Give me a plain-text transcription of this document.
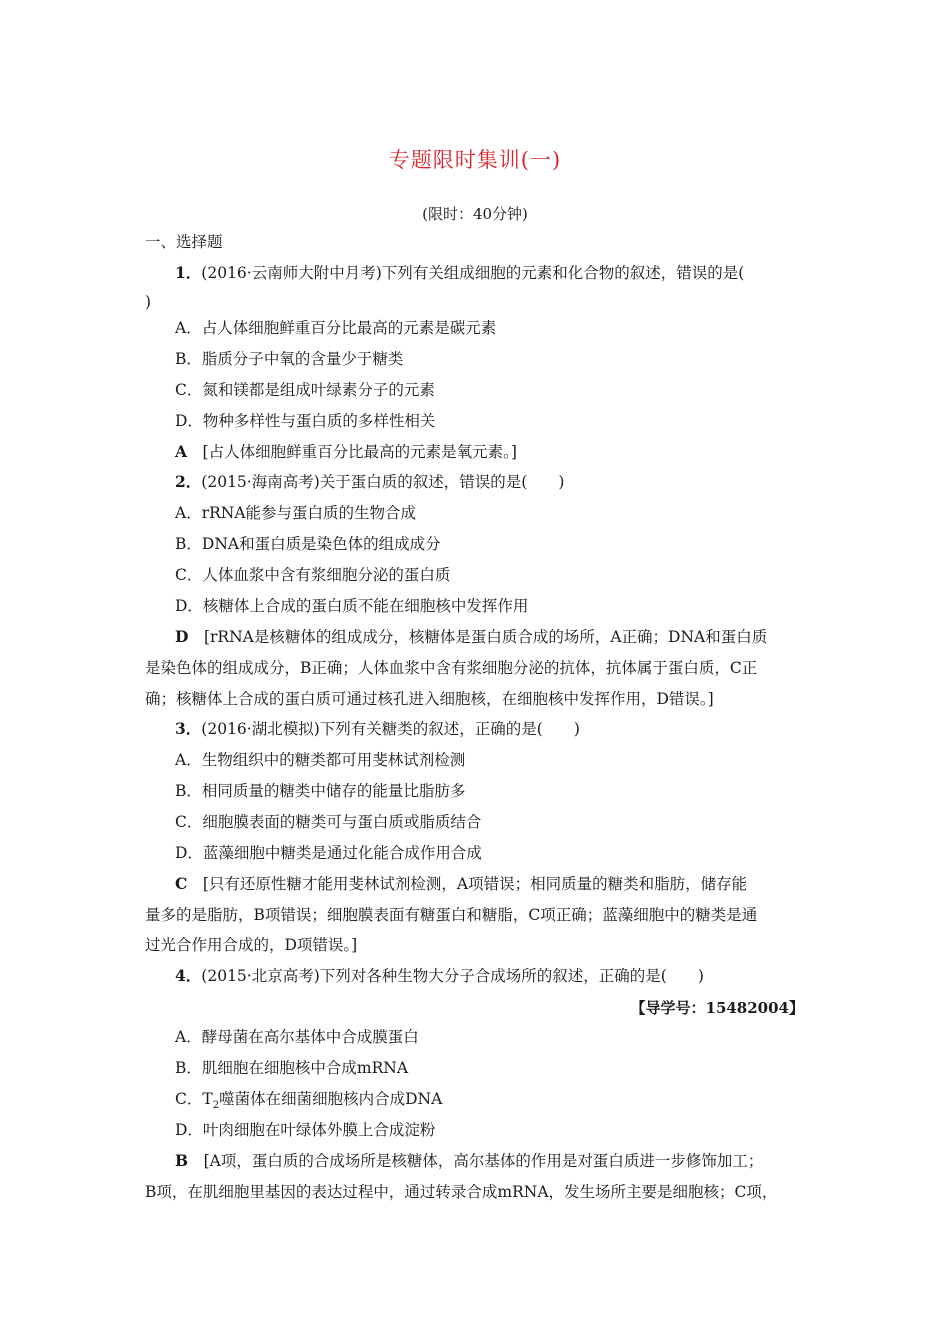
专题限时集训(一)
(限时：40分钟)
一、选择题
1．(2016·云南师大附中月考)下列有关组成细胞的元素和化合物的叙述，错误的是(
)
A．占人体细胞鲜重百分比最高的元素是碳元素
B．脂质分子中氧的含量少于糖类
C．氮和镁都是组成叶绿素分子的元素
D．物种多样性与蛋白质的多样性相关
A　 [占人体细胞鲜重百分比最高的元素是氧元素。]
2．(2015·海南高考)关于蛋白质的叙述，错误的是(　　)
A．rRNA能参与蛋白质的生物合成
B．DNA和蛋白质是染色体的组成成分
C．人体血浆中含有浆细胞分泌的蛋白质
D．核糖体上合成的蛋白质不能在细胞核中发挥作用
D　 [rRNA是核糖体的组成成分，核糖体是蛋白质合成的场所，A正确；DNA和蛋白质
是染色体的组成成分，B正确；人体血浆中含有浆细胞分泌的抗体，抗体属于蛋白质，C正
确；核糖体上合成的蛋白质可通过核孔进入细胞核，在细胞核中发挥作用，D错误。]
3．(2016·湖北模拟)下列有关糖类的叙述，正确的是(　　)
A．生物组织中的糖类都可用斐林试剂检测
B．相同质量的糖类中储存的能量比脂肪多
C．细胞膜表面的糖类可与蛋白质或脂质结合
D．蓝藻细胞中糖类是通过化能合成作用合成
C　 [只有还原性糖才能用斐林试剂检测，A项错误；相同质量的糖类和脂肪，储存能
量多的是脂肪，B项错误；细胞膜表面有糖蛋白和糖脂，C项正确；蓝藻细胞中的糖类是通
过光合作用合成的，D项错误。]
4．(2015·北京高考)下列对各种生物大分子合成场所的叙述，正确的是(　　)
【导学号：15482004】
A．酵母菌在高尔基体中合成膜蛋白
B．肌细胞在细胞核中合成mRNA
C．$T_2$噬菌体在细菌细胞核内合成DNA
D．叶肉细胞在叶绿体外膜上合成淀粉
B　 [A项，蛋白质的合成场所是核糖体，高尔基体的作用是对蛋白质进一步修饰加工；
B项，在肌细胞里基因的表达过程中，通过转录合成mRNA，发生场所主要是细胞核；C项，
